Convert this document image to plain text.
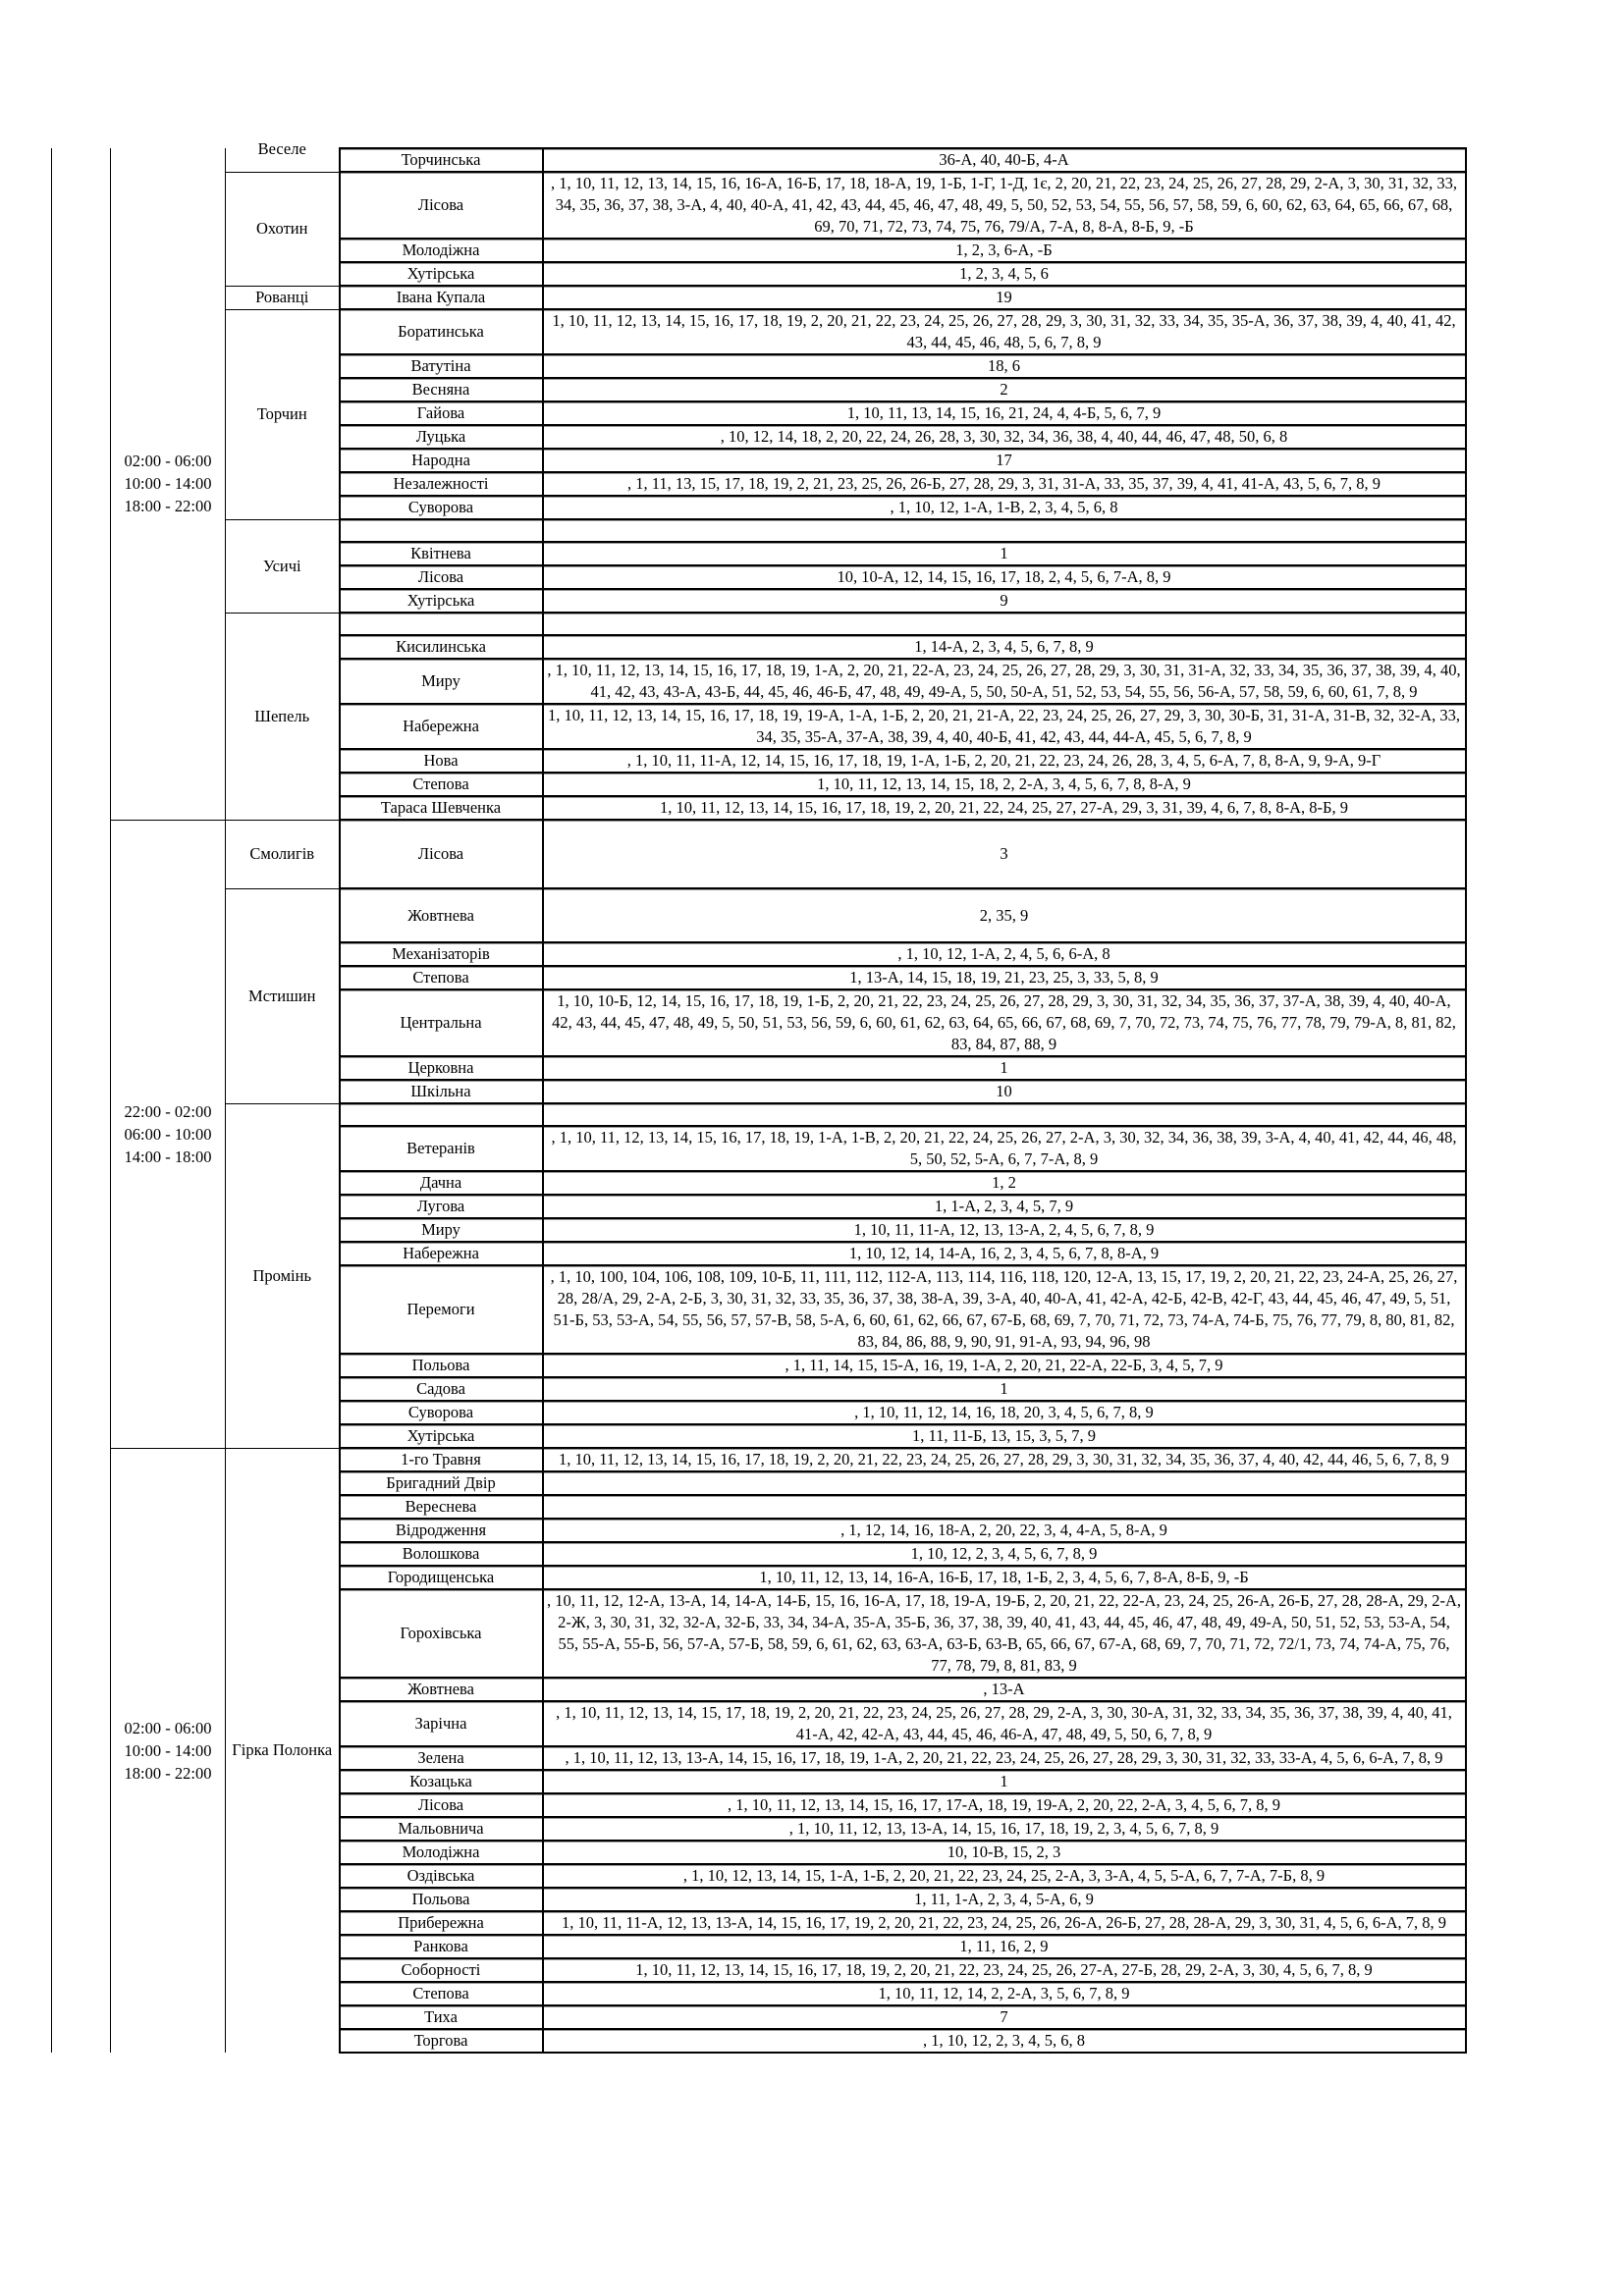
	02:00 - 06:00
10:00 - 14:00
18:00 - 22:00	Веселе	Торчинська	36-А, 40, 40-Б, 4-А
		Охотин	Лісова	, 1, 10, 11, 12, 13, 14, 15, 16, 16-А, 16-Б, 17, 18, 18-А, 19, 1-Б, 1-Г, 1-Д, 1є, 2, 20, 21, 22, 23, 24, 25, 26, 27, 28, 29, 2-А, 3, 30, 31, 32, 33, 34, 35, 36, 37, 38, 3-А, 4, 40, 40-А, 41, 42, 43, 44, 45, 46, 47, 48, 49, 5, 50, 52, 53, 54, 55, 56, 57, 58, 59, 6, 60, 62, 63, 64, 65, 66, 67, 68, 69, 70, 71, 72, 73, 74, 75, 76, 79/А, 7-А, 8, 8-А, 8-Б, 9, -Б
			Молодіжна	1, 2, 3, 6-А, -Б
			Хутірська	1, 2, 3, 4, 5, 6
		Рованці	Івана Купала	19
		Торчин	Боратинська	1, 10, 11, 12, 13, 14, 15, 16, 17, 18, 19, 2, 20, 21, 22, 23, 24, 25, 26, 27, 28, 29, 3, 30, 31, 32, 33, 34, 35, 35-А, 36, 37, 38, 39, 4, 40, 41, 42, 43, 44, 45, 46, 48, 5, 6, 7, 8, 9
			Ватутіна	18, 6
			Весняна	2
			Гайова	1, 10, 11, 13, 14, 15, 16, 21, 24, 4, 4-Б, 5, 6, 7, 9
			Луцька	, 10, 12, 14, 18, 2, 20, 22, 24, 26, 28, 3, 30, 32, 34, 36, 38, 4, 40, 44, 46, 47, 48, 50, 6, 8
			Народна	17
			Незалежності	, 1, 11, 13, 15, 17, 18, 19, 2, 21, 23, 25, 26, 26-Б, 27, 28, 29, 3, 31, 31-А, 33, 35, 37, 39, 4, 41, 41-А, 43, 5, 6, 7, 8, 9
			Суворова	, 1, 10, 12, 1-А, 1-В, 2, 3, 4, 5, 6, 8
		Усичі		
			Квітнева	1
			Лісова	10, 10-А, 12, 14, 15, 16, 17, 18, 2, 4, 5, 6, 7-А, 8, 9
			Хутірська	9
		Шепель		
			Кисилинська	1, 14-А, 2, 3, 4, 5, 6, 7, 8, 9
			Миру	, 1, 10, 11, 12, 13, 14, 15, 16, 17, 18, 19, 1-А, 2, 20, 21, 22-А, 23, 24, 25, 26, 27, 28, 29, 3, 30, 31, 31-А, 32, 33, 34, 35, 36, 37, 38, 39, 4, 40, 41, 42, 43, 43-А, 43-Б, 44, 45, 46, 46-Б, 47, 48, 49, 49-А, 5, 50, 50-А, 51, 52, 53, 54, 55, 56, 56-А, 57, 58, 59, 6, 60, 61, 7, 8, 9
			Набережна	1, 10, 11, 12, 13, 14, 15, 16, 17, 18, 19, 19-А, 1-А, 1-Б, 2, 20, 21, 21-А, 22, 23, 24, 25, 26, 27, 29, 3, 30, 30-Б, 31, 31-А, 31-В, 32, 32-А, 33, 34, 35, 35-А, 37-А, 38, 39, 4, 40, 40-Б, 41, 42, 43, 44, 44-А, 45, 5, 6, 7, 8, 9
			Нова	, 1, 10, 11, 11-А, 12, 14, 15, 16, 17, 18, 19, 1-А, 1-Б, 2, 20, 21, 22, 23, 24, 26, 28, 3, 4, 5, 6-А, 7, 8, 8-А, 9, 9-А, 9-Г
			Степова	1, 10, 11, 12, 13, 14, 15, 18, 2, 2-А, 3, 4, 5, 6, 7, 8, 8-А, 9
			Тараса Шевченка	1, 10, 11, 12, 13, 14, 15, 16, 17, 18, 19, 2, 20, 21, 22, 24, 25, 27, 27-А, 29, 3, 31, 39, 4, 6, 7, 8, 8-А, 8-Б, 9
	22:00 - 02:00
06:00 - 10:00
14:00 - 18:00	Смолигів	Лісова	3
		Мстишин	Жовтнева	2, 35, 9
			Механізаторів	, 1, 10, 12, 1-А, 2, 4, 5, 6, 6-А, 8
			Степова	1, 13-А, 14, 15, 18, 19, 21, 23, 25, 3, 33, 5, 8, 9
			Центральна	1, 10, 10-Б, 12, 14, 15, 16, 17, 18, 19, 1-Б, 2, 20, 21, 22, 23, 24, 25, 26, 27, 28, 29, 3, 30, 31, 32, 34, 35, 36, 37, 37-А, 38, 39, 4, 40, 40-А, 42, 43, 44, 45, 47, 48, 49, 5, 50, 51, 53, 56, 59, 6, 60, 61, 62, 63, 64, 65, 66, 67, 68, 69, 7, 70, 72, 73, 74, 75, 76, 77, 78, 79, 79-А, 8, 81, 82, 83, 84, 87, 88, 9
			Церковна	1
			Шкільна	10
		Промінь		
			Ветеранів	, 1, 10, 11, 12, 13, 14, 15, 16, 17, 18, 19, 1-А, 1-В, 2, 20, 21, 22, 24, 25, 26, 27, 2-А, 3, 30, 32, 34, 36, 38, 39, 3-А, 4, 40, 41, 42, 44, 46, 48, 5, 50, 52, 5-А, 6, 7, 7-А, 8, 9
			Дачна	1, 2
			Лугова	1, 1-А, 2, 3, 4, 5, 7, 9
			Миру	1, 10, 11, 11-А, 12, 13, 13-А, 2, 4, 5, 6, 7, 8, 9
			Набережна	1, 10, 12, 14, 14-А, 16, 2, 3, 4, 5, 6, 7, 8, 8-А, 9
			Перемоги	, 1, 10, 100, 104, 106, 108, 109, 10-Б, 11, 111, 112, 112-А, 113, 114, 116, 118, 120, 12-А, 13, 15, 17, 19, 2, 20, 21, 22, 23, 24-А, 25, 26, 27, 28, 28/А, 29, 2-А, 2-Б, 3, 30, 31, 32, 33, 35, 36, 37, 38, 38-А, 39, 3-А, 40, 40-А, 41, 42-А, 42-Б, 42-В, 42-Г, 43, 44, 45, 46, 47, 49, 5, 51, 51-Б, 53, 53-А, 54, 55, 56, 57, 57-В, 58, 5-А, 6, 60, 61, 62, 66, 67, 67-Б, 68, 69, 7, 70, 71, 72, 73, 74-А, 74-Б, 75, 76, 77, 79, 8, 80, 81, 82, 83, 84, 86, 88, 9, 90, 91, 91-А, 93, 94, 96, 98
			Польова	, 1, 11, 14, 15, 15-А, 16, 19, 1-А, 2, 20, 21, 22-А, 22-Б, 3, 4, 5, 7, 9
			Садова	1
			Суворова	, 1, 10, 11, 12, 14, 16, 18, 20, 3, 4, 5, 6, 7, 8, 9
			Хутірська	1, 11, 11-Б, 13, 15, 3, 5, 7, 9
	02:00 - 06:00
10:00 - 14:00
18:00 - 22:00	Гірка Полонка	1-го Травня	1, 10, 11, 12, 13, 14, 15, 16, 17, 18, 19, 2, 20, 21, 22, 23, 24, 25, 26, 27, 28, 29, 3, 30, 31, 32, 34, 35, 36, 37, 4, 40, 42, 44, 46, 5, 6, 7, 8, 9
			Бригадний Двір	
			Вереснева	
			Відродження	, 1, 12, 14, 16, 18-А, 2, 20, 22, 3, 4, 4-А, 5, 8-А, 9
			Волошкова	1, 10, 12, 2, 3, 4, 5, 6, 7, 8, 9
			Городищенська	1, 10, 11, 12, 13, 14, 16-А, 16-Б, 17, 18, 1-Б, 2, 3, 4, 5, 6, 7, 8-А, 8-Б, 9, -Б
			Горохівська	, 10, 11, 12, 12-А, 13-А, 14, 14-А, 14-Б, 15, 16, 16-А, 17, 18, 19-А, 19-Б, 2, 20, 21, 22, 22-А, 23, 24, 25, 26-А, 26-Б, 27, 28, 28-А, 29, 2-А, 2-Ж, 3, 30, 31, 32, 32-А, 32-Б, 33, 34, 34-А, 35-А, 35-Б, 36, 37, 38, 39, 40, 41, 43, 44, 45, 46, 47, 48, 49, 49-А, 50, 51, 52, 53, 53-А, 54, 55, 55-А, 55-Б, 56, 57-А, 57-Б, 58, 59, 6, 61, 62, 63, 63-А, 63-Б, 63-В, 65, 66, 67, 67-А, 68, 69, 7, 70, 71, 72, 72/1, 73, 74, 74-А, 75, 76, 77, 78, 79, 8, 81, 83, 9
			Жовтнева	, 13-А
			Зарічна	, 1, 10, 11, 12, 13, 14, 15, 17, 18, 19, 2, 20, 21, 22, 23, 24, 25, 26, 27, 28, 29, 2-А, 3, 30, 30-А, 31, 32, 33, 34, 35, 36, 37, 38, 39, 4, 40, 41, 41-А, 42, 42-А, 43, 44, 45, 46, 46-А, 47, 48, 49, 5, 50, 6, 7, 8, 9
			Зелена	, 1, 10, 11, 12, 13, 13-А, 14, 15, 16, 17, 18, 19, 1-А, 2, 20, 21, 22, 23, 24, 25, 26, 27, 28, 29, 3, 30, 31, 32, 33, 33-А, 4, 5, 6, 6-А, 7, 8, 9
			Козацька	1
			Лісова	, 1, 10, 11, 12, 13, 14, 15, 16, 17, 17-А, 18, 19, 19-А, 2, 20, 22, 2-А, 3, 4, 5, 6, 7, 8, 9
			Мальовнича	, 1, 10, 11, 12, 13, 13-А, 14, 15, 16, 17, 18, 19, 2, 3, 4, 5, 6, 7, 8, 9
			Молодіжна	10, 10-В, 15, 2, 3
			Оздівська	, 1, 10, 12, 13, 14, 15, 1-А, 1-Б, 2, 20, 21, 22, 23, 24, 25, 2-А, 3, 3-А, 4, 5, 5-А, 6, 7, 7-А, 7-Б, 8, 9
			Польова	1, 11, 1-А, 2, 3, 4, 5-А, 6, 9
			Прибережна	1, 10, 11, 11-А, 12, 13, 13-А, 14, 15, 16, 17, 19, 2, 20, 21, 22, 23, 24, 25, 26, 26-А, 26-Б, 27, 28, 28-А, 29, 3, 30, 31, 4, 5, 6, 6-А, 7, 8, 9
			Ранкова	1, 11, 16, 2, 9
			Соборності	1, 10, 11, 12, 13, 14, 15, 16, 17, 18, 19, 2, 20, 21, 22, 23, 24, 25, 26, 27-А, 27-Б, 28, 29, 2-А, 3, 30, 4, 5, 6, 7, 8, 9
			Степова	1, 10, 11, 12, 14, 2, 2-А, 3, 5, 6, 7, 8, 9
			Тиха	7
			Торгова	, 1, 10, 12, 2, 3, 4, 5, 6, 8
